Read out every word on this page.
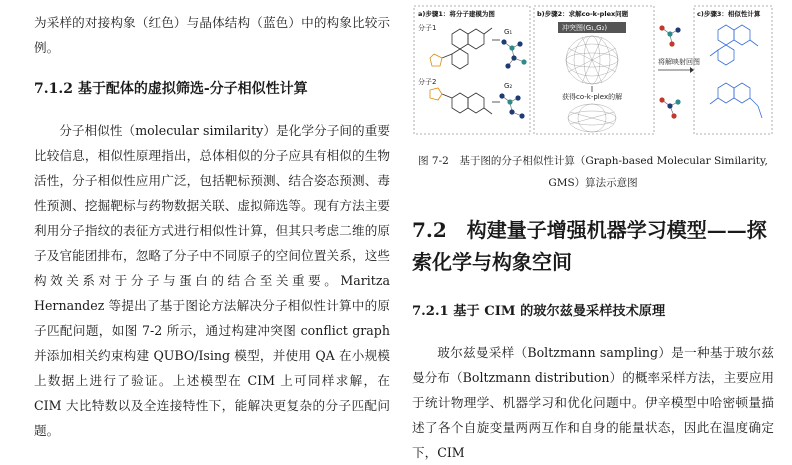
为采样的对接构象（红色）与晶体结构（蓝色）中的构象比较示例。

7.1.2 基于配体的虚拟筛选-分子相似性计算

分子相似性（molecular similarity）是化学分子间的重要比较信息，相似性原理指出，总体相似的分子应具有相似的生物活性，分子相似性应用广泛，包括靶标预测、结合姿态预测、毒性预测、挖掘靶标与药物数据关联、虚拟筛选等。现有方法主要利用分子指纹的表征方式进行相似性计算，但其只考虑二维的原子及官能团排布，忽略了分子中不同原子的空间位置关系，这些构效关系对于分子与蛋白的结合至关重要。Maritza Hernandez 等提出了基于图论方法解决分子相似性计算中的原子匹配问题，如图 7-2 所示，通过构建冲突图 conflict graph 并添加相关约束构建 QUBO/Ising 模型，并使用 QA 在小规模上数据上进行了验证。上述模型在 CIM 上可同样求解，在 CIM 大比特数以及全连接特性下，能解决更复杂的分子匹配问题。

a)步骤1：将分子建模为图	b)步骤2：求解co-k-plex问题	c)步骤3：相似性计算
分子1
分子2
G₁
G₂
冲突图(G₁,G₂)
获得co-k-plex的解
将解映射回图

图 7-2　基于图的分子相似性计算（Graph-based Molecular Similarity, GMS）算法示意图

7.2　构建量子增强机器学习模型——探索化学与构象空间
7.2.1 基于 CIM 的玻尔兹曼采样技术原理

玻尔兹曼采样（Boltzmann sampling）是一种基于玻尔兹曼分布（Boltzmann distribution）的概率采样方法，主要应用于统计物理学、机器学习和优化问题中。伊辛模型中哈密顿量描述了各个自旋变量两两互作和自身的能量状态，因此在温度确定下，CIM
